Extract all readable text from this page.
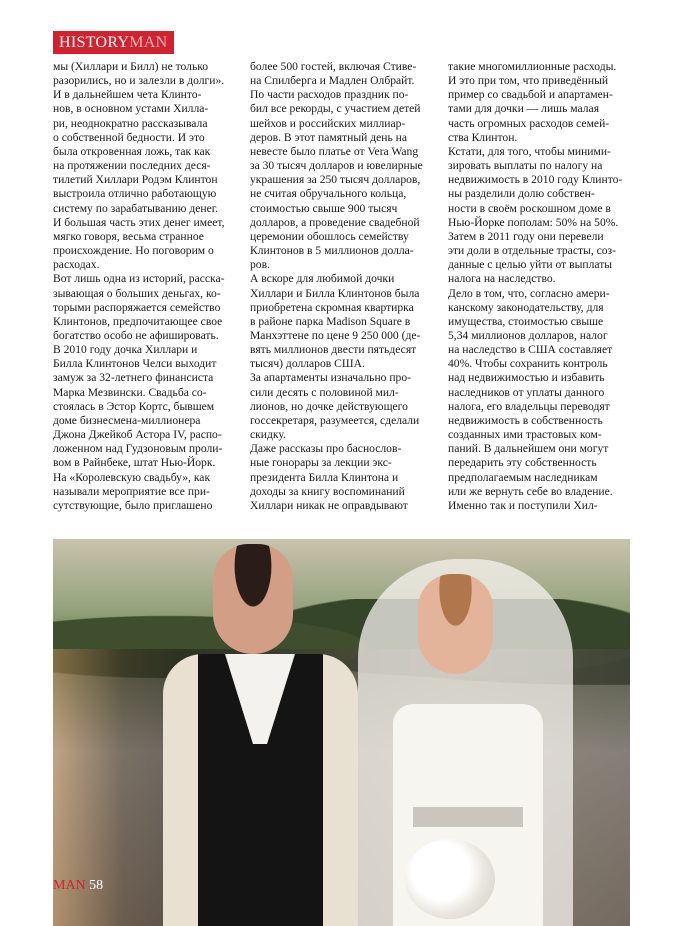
HISTORY MAN

мы (Хиллари и Билл) не только

разорились, но и залезли в долги».

И в дальнейшем чета Клинто-

нов, в основном устами Хилла-

ри, неоднократно рассказывала

о собственной бедности. И это

была откровенная ложь, так как

на протяжении последних деся-

тилетий Хиллари Родэм Клинтон

выстроила отлично работающую

систему по зарабатыванию денег.

И большая часть этих денег имеет,

мягко говоря, весьма странное

происхождение. Но поговорим о

расходах.

Вот лишь одна из историй, расска-

зывающая о больших деньгах, ко-

торыми распоряжается семейство

Клинтонов, предпочитающее свое

богатство особо не афишировать.

В 2010 году дочка Хиллари и

Билла Клинтонов Челси выходит

замуж за 32-летнего финансиста

Марка Мезвински. Свадьба со-

стоялась в Эстор Кортс, бывшем

доме бизнесмена-миллионера

Джона Джейкоб Астора IV, распо-

ложенном над Гудзоновым проли-

вом в Райнбеке, штат Нью-Йорк.

На «Королевскую свадьбу», как

называли мероприятие все при-

сутствующие, было приглашено

более 500 гостей, включая Стиве-

на Спилберга и Мадлен Олбрайт.

По части расходов праздник по-

бил все рекорды, с участием детей

шейхов и российских миллиар-

деров. В этот памятный день на

невесте было платье от Vera Wang

за 30 тысяч долларов и ювелирные

украшения за 250 тысяч долларов,

не считая обручального кольца,

стоимостью свыше 900 тысяч

долларов, а проведение свадебной

церемонии обошлось семейству

Клинтонов в 5 миллионов долла-

ров.

А вскоре для любимой дочки

Хиллари и Билла Клинтонов была

приобретена скромная квартирка

в районе парка Madison Square в

Манхэттене по цене 9 250 000 (де-

вять миллионов двести пятьдесят

тысяч) долларов США.

За апартаменты изначально про-

сили десять с половиной мил-

лионов, но дочке действующего

госсекретаря, разумеется, сделали

скидку.

Даже рассказы про баснослов-

ные гонорары за лекции экс-

президента Билла Клинтона и

доходы за книгу воспоминаний

Хиллари никак не оправдывают

такие многомиллионные расходы.

И это при том, что приведённый

пример со свадьбой и апартамен-

тами для дочки — лишь малая

часть огромных расходов семей-

ства Клинтон.

Кстати, для того, чтобы миними-

зировать выплаты по налогу на

недвижимость в 2010 году Клинто-

ны разделили долю собствен-

ности в своём роскошном доме в

Нью-Йорке пополам: 50% на 50%.

Затем в 2011 году они перевели

эти доли в отдельные трасты, соз-

данные с целью уйти от выплаты

налога на наследство.

Дело в том, что, согласно амери-

канскому законодательству, для

имущества, стоимостью свыше

5,34 миллионов долларов, налог

на наследство в США составляет

40%. Чтобы сохранить контроль

над недвижимостью и избавить

наследников от уплаты данного

налога, его владельцы переводят

недвижимость в собственность

созданных ими трастовых ком-

паний. В дальнейшем они могут

передарить эту собственность

предполагаемым наследникам

или же вернуть себе во владение.

Именно так и поступили Хил-

MAN 58
